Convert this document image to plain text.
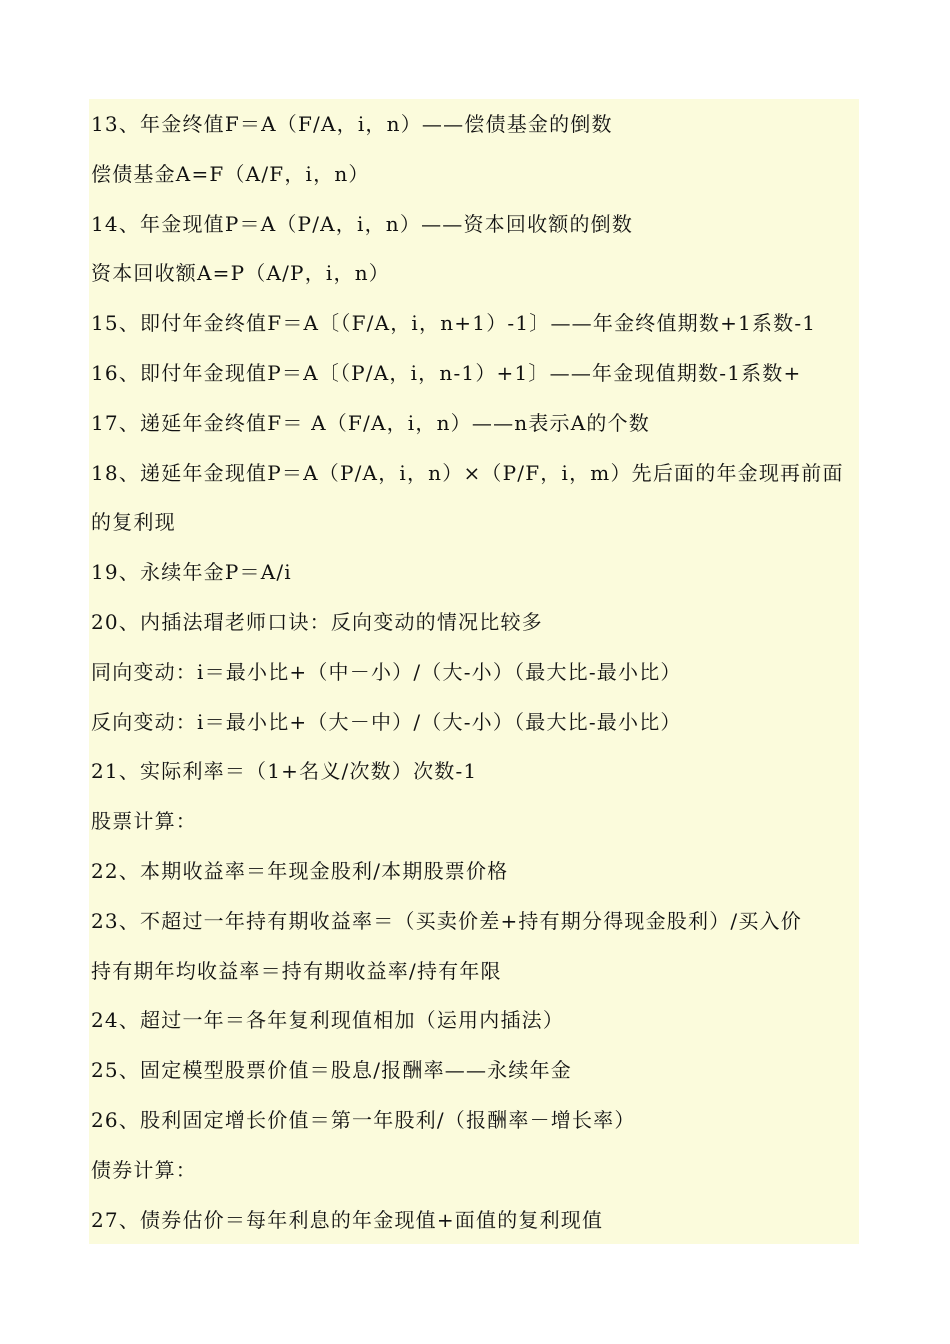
13、年金终值F＝A（F/A，i，n）——偿债基金的倒数
偿债基金A=F（A/F，i，n）
14、年金现值P＝A（P/A，i，n）——资本回收额的倒数
资本回收额A=P（A/P，i，n）
15、即付年金终值F＝A〔（F/A，i，n+1）-1〕——年金终值期数+1系数-1
16、即付年金现值P＝A〔（P/A，i，n-1）+1〕——年金现值期数-1系数+
17、递延年金终值F＝ A（F/A，i，n）——n表示A的个数
18、递延年金现值P＝A（P/A，i，n）×（P/F，i，m）先后面的年金现再前面
的复利现
19、永续年金P＝A/i
20、内插法瑁老师口诀：反向变动的情况比较多
同向变动：i＝最小比+（中－小）/（大-小）（最大比-最小比）
反向变动：i＝最小比+（大－中）/（大-小）（最大比-最小比）
21、实际利率＝（1+名义/次数）次数-1
股票计算：
22、本期收益率＝年现金股利/本期股票价格
23、不超过一年持有期收益率＝（买卖价差+持有期分得现金股利）/买入价
持有期年均收益率＝持有期收益率/持有年限
24、超过一年＝各年复利现值相加（运用内插法）
25、固定模型股票价值＝股息/报酬率——永续年金
26、股利固定增长价值＝第一年股利/（报酬率－增长率）
债券计算：
27、债券估价＝每年利息的年金现值+面值的复利现值
